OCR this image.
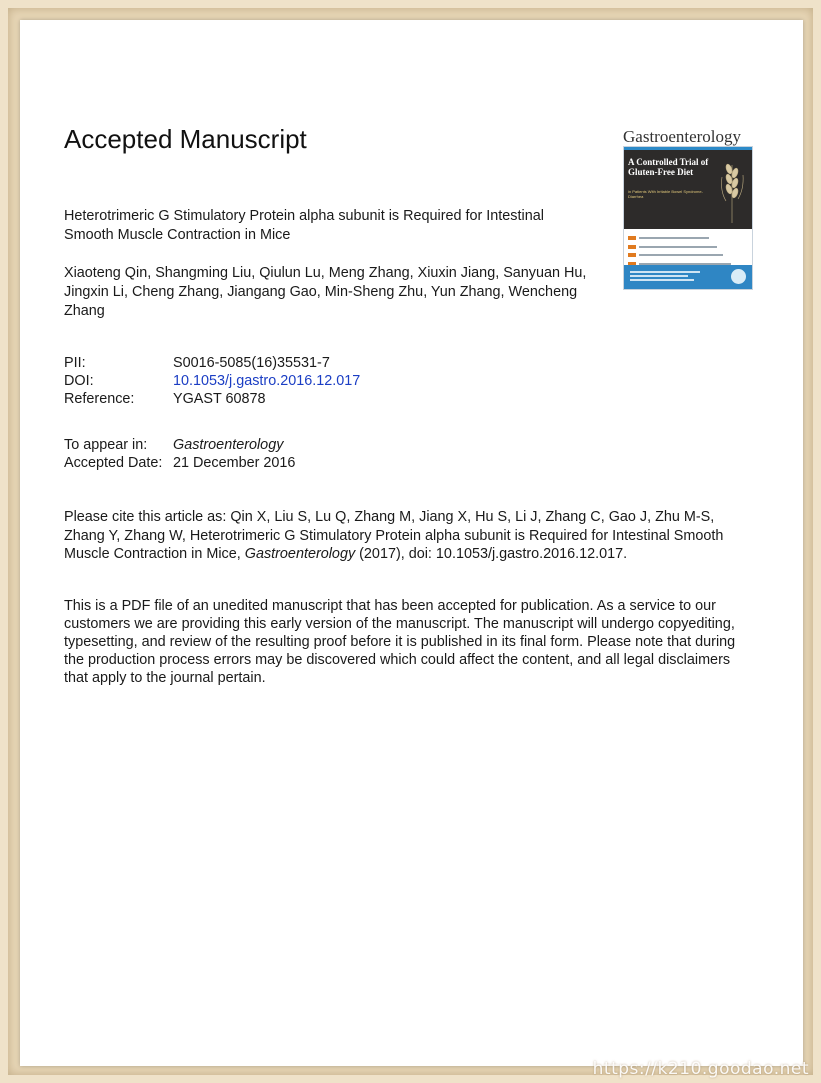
Accepted Manuscript	Gastroenterology
A Controlled Trial of Gluten-Free Diet
in Patients With Irritable Bowel Syndrome-Diarrhea

Heterotrimeric G Stimulatory Protein alpha subunit is Required for Intestinal Smooth Muscle Contraction in Mice

Xiaoteng Qin, Shangming Liu, Qiulun Lu, Meng Zhang, Xiuxin Jiang, Sanyuan Hu, Jingxin Li, Cheng Zhang, Jiangang Gao, Min-Sheng Zhu, Yun Zhang, Wencheng Zhang

PII:	S0016-5085(16)35531-7
DOI:	10.1053/j.gastro.2016.12.017
Reference:	YGAST 60878
To appear in:	Gastroenterology
Accepted Date: 21 December 2016

Please cite this article as: Qin X, Liu S, Lu Q, Zhang M, Jiang X, Hu S, Li J, Zhang C, Gao J, Zhu M-S, Zhang Y, Zhang W, Heterotrimeric G Stimulatory Protein alpha subunit is Required for Intestinal Smooth Muscle Contraction in Mice, Gastroenterology (2017), doi: 10.1053/j.gastro.2016.12.017.

This is a PDF file of an unedited manuscript that has been accepted for publication. As a service to our customers we are providing this early version of the manuscript. The manuscript will undergo copyediting, typesetting, and review of the resulting proof before it is published in its final form. Please note that during the production process errors may be discovered which could affect the content, and all legal disclaimers that apply to the journal pertain.

https://k210.goodao.net
